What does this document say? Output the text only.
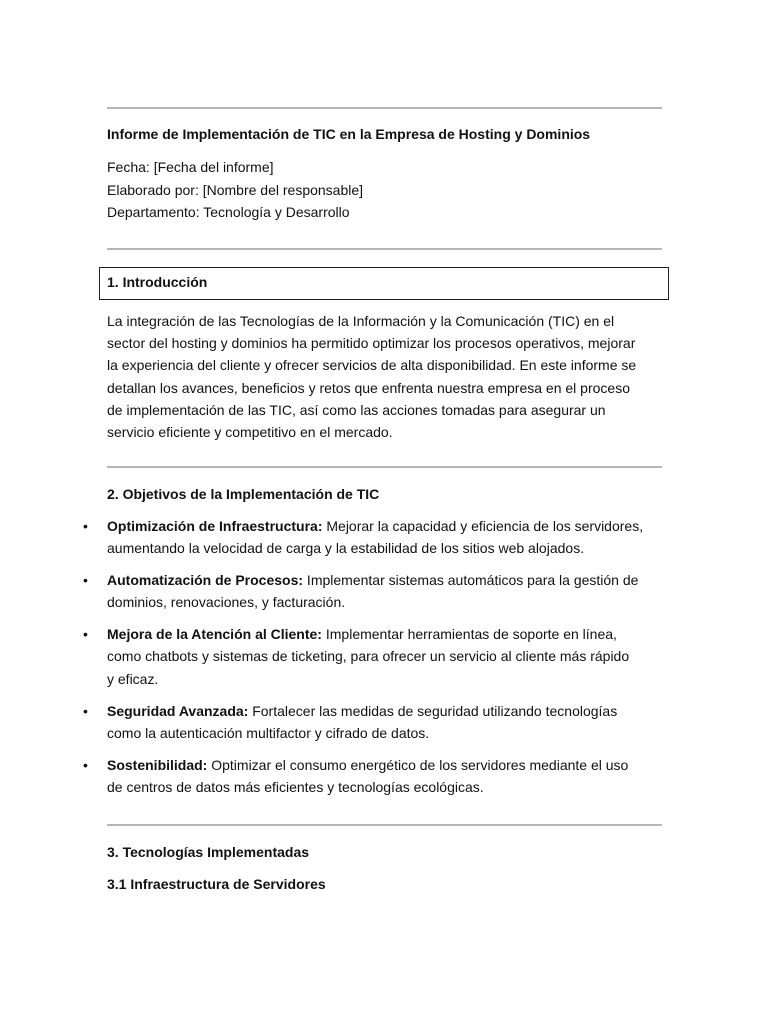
Informe de Implementación de TIC en la Empresa de Hosting y Dominios
Fecha: [Fecha del informe]
Elaborado por: [Nombre del responsable]
Departamento: Tecnología y Desarrollo
1. Introducción
La integración de las Tecnologías de la Información y la Comunicación (TIC) en el
sector del hosting y dominios ha permitido optimizar los procesos operativos, mejorar
la experiencia del cliente y ofrecer servicios de alta disponibilidad. En este informe se
detallan los avances, beneficios y retos que enfrenta nuestra empresa en el proceso
de implementación de las TIC, así como las acciones tomadas para asegurar un
servicio eficiente y competitivo en el mercado.
2. Objetivos de la Implementación de TIC
•	Optimización de Infraestructura: Mejorar la capacidad y eficiencia de los servidores,
aumentando la velocidad de carga y la estabilidad de los sitios web alojados.
•	Automatización de Procesos: Implementar sistemas automáticos para la gestión de
dominios, renovaciones, y facturación.
•	Mejora de la Atención al Cliente: Implementar herramientas de soporte en línea,
como chatbots y sistemas de ticketing, para ofrecer un servicio al cliente más rápido
y eficaz.
•	Seguridad Avanzada: Fortalecer las medidas de seguridad utilizando tecnologías
como la autenticación multifactor y cifrado de datos.
•	Sostenibilidad: Optimizar el consumo energético de los servidores mediante el uso
de centros de datos más eficientes y tecnologías ecológicas.
3. Tecnologías Implementadas
3.1 Infraestructura de Servidores
